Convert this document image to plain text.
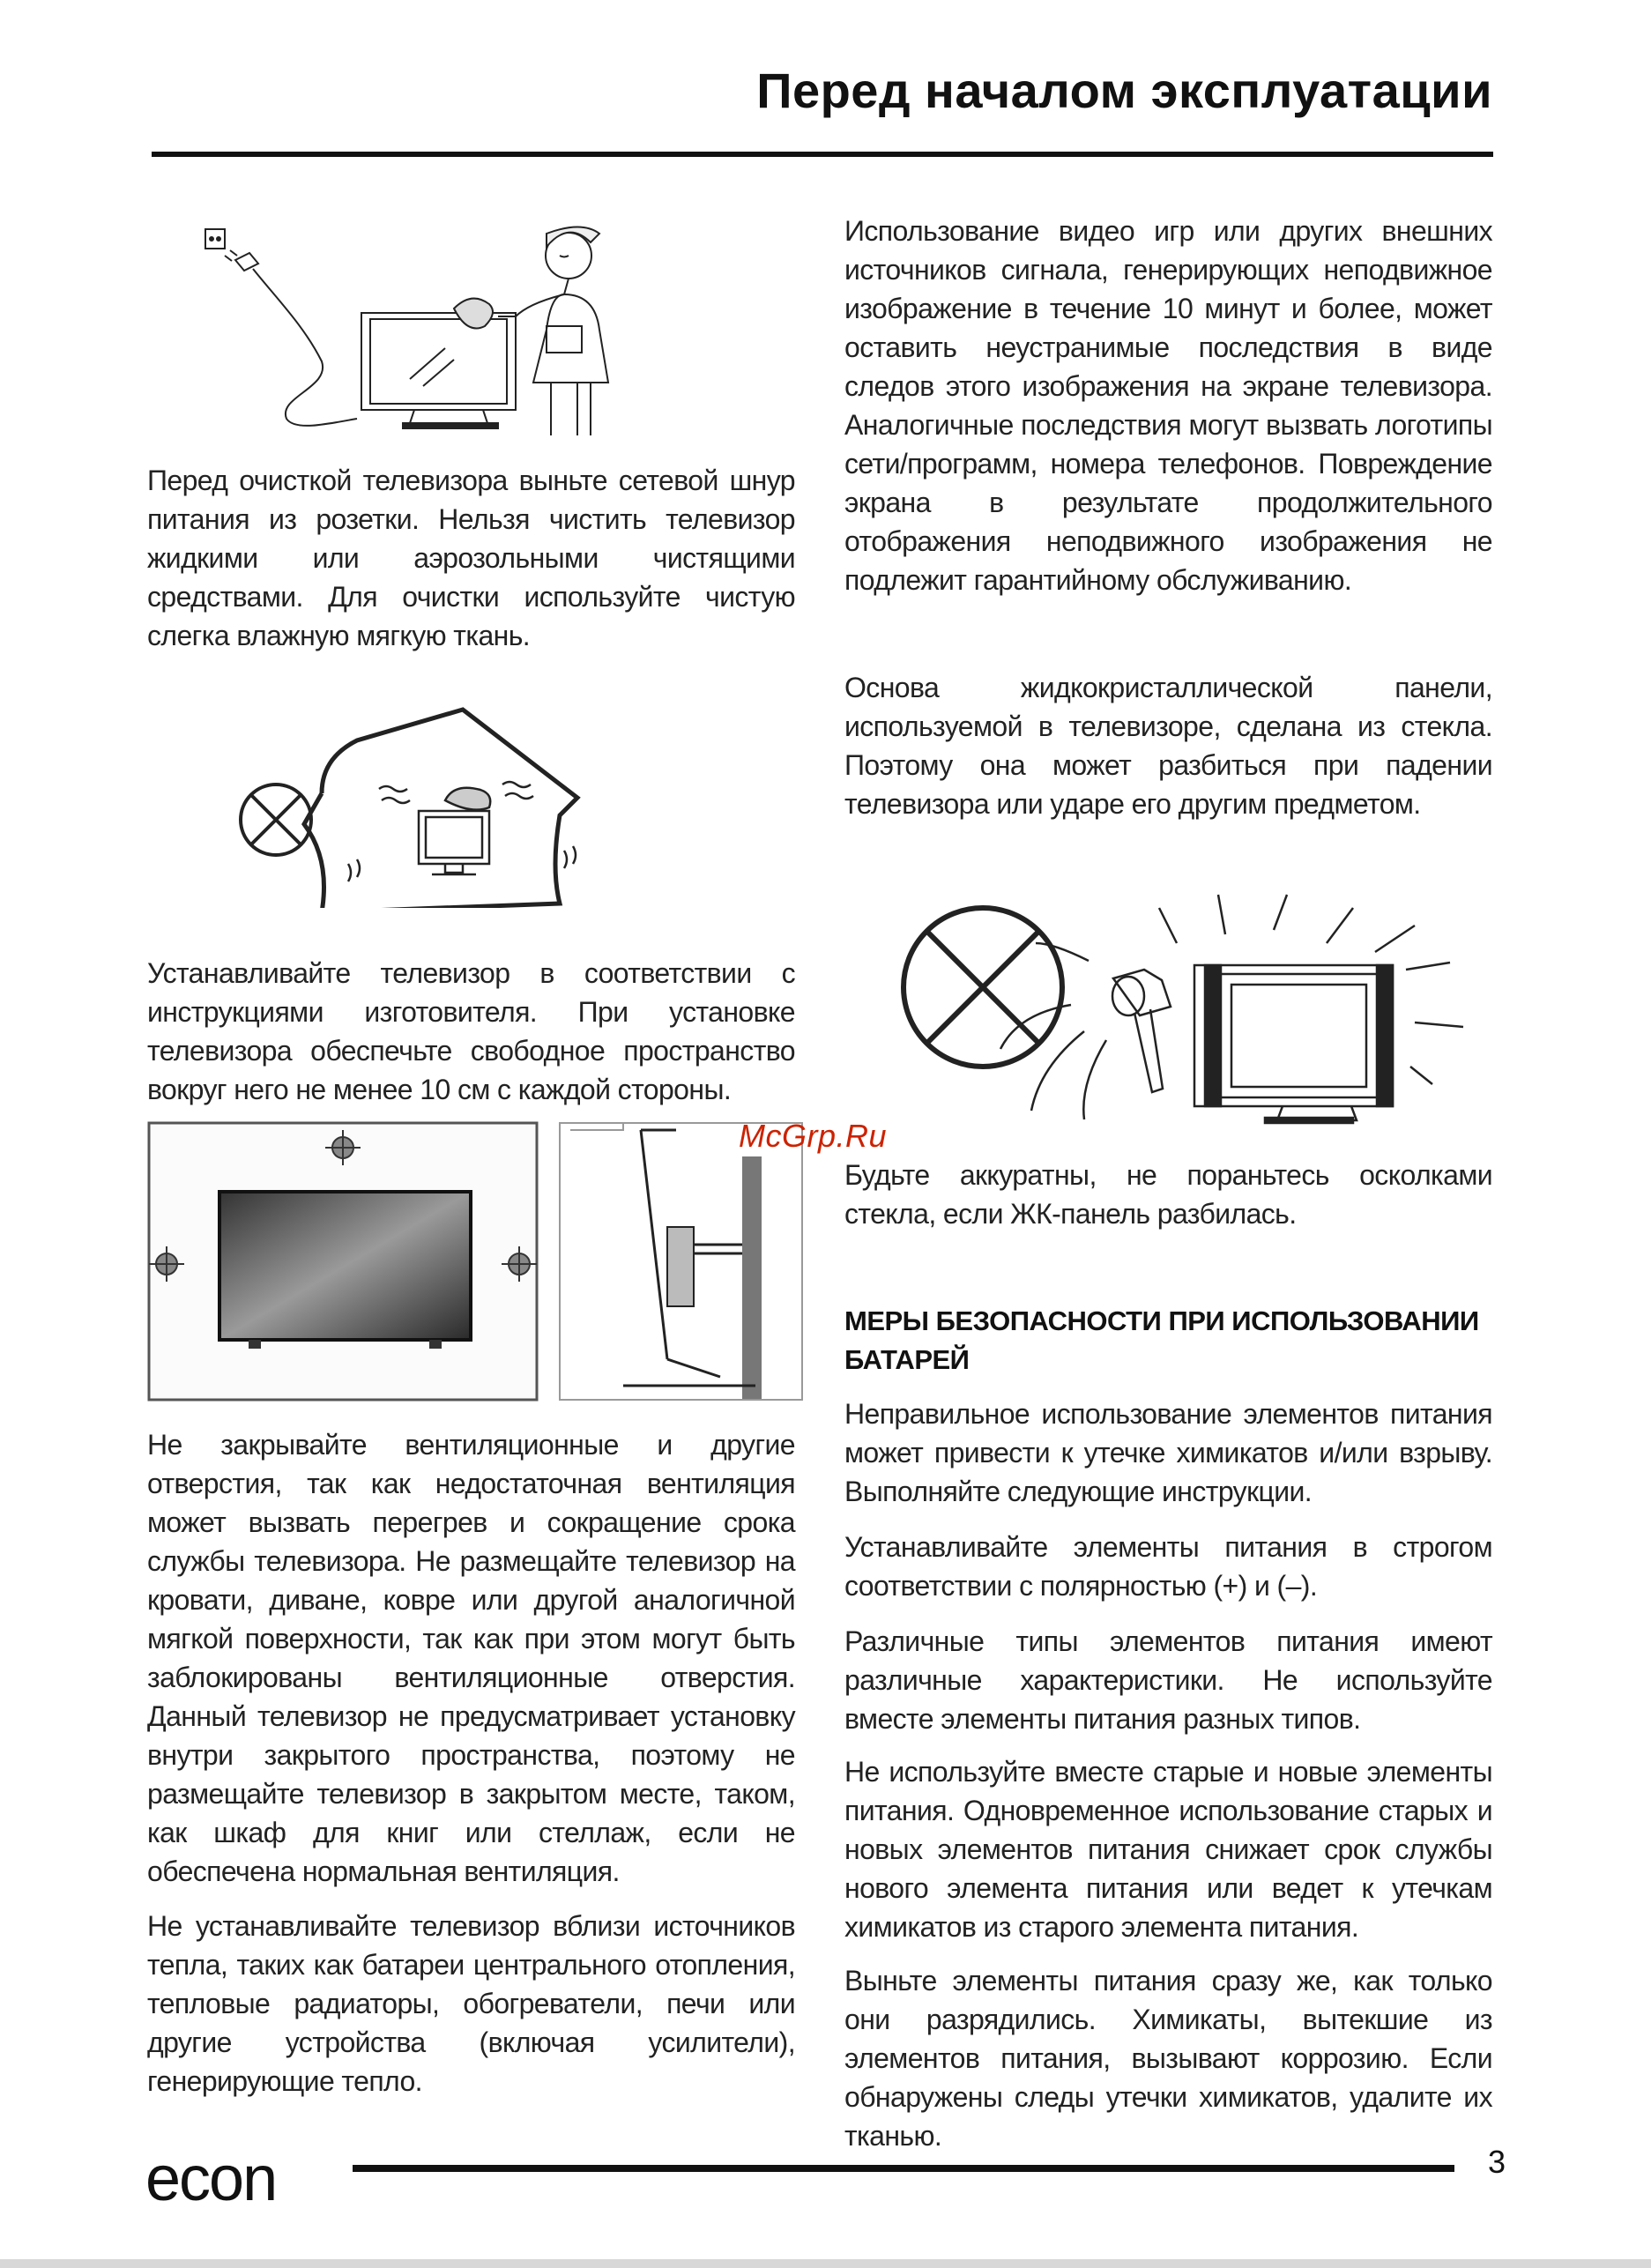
Перед началом эксплуатации

Перед очисткой телевизора выньте сетевой шнур питания из розетки. Нельзя чистить телевизор жидкими или аэрозольными чистящими средствами. Для очистки используйте чистую слегка влажную мягкую ткань.

Устанавливайте телевизор в соответствии с инструкциями изготовителя. При установке телевизора обеспечьте свободное пространство вокруг него не менее 10 см с каждой стороны.

Не закрывайте вентиляционные и другие отверстия, так как недостаточная вентиляция может вызвать перегрев и сокращение срока службы телевизора. Не размещайте телевизор на кровати, диване, ковре или другой аналогичной мягкой поверхности, так как при этом могут быть заблокированы вентиляционные отверстия. Данный телевизор не предусматривает установку внутри закрытого пространства, поэтому не размещайте телевизор в закрытом месте, таком, как шкаф для книг или стеллаж, если не обеспечена нормальная вентиляция.

Не устанавливайте телевизор вблизи источников тепла, таких как батареи центрального отопления, тепловые радиаторы, обогреватели, печи или другие устройства (включая усилители), генерирующие тепло.

Использование видео игр или других внешних источников сигнала, генерирующих неподвижное изображение в течение 10 минут и более, может оставить неустранимые последствия в виде следов этого изображения на экране телевизора. Аналогичные последствия могут вызвать логотипы сети/программ, номера телефонов. Повреждение экрана в результате продолжительного отображения неподвижного изображения не подлежит гарантийному обслуживанию.

Основа жидкокристаллической панели, используемой в телевизоре, сделана из стекла. Поэтому она может разбиться при падении телевизора или ударе его другим предметом.

McGrp.Ru

Будьте аккуратны, не пораньтесь осколками стекла, если ЖК-панель разбилась.

МЕРЫ БЕЗОПАСНОСТИ ПРИ ИСПОЛЬЗОВАНИИ БАТАРЕЙ

Неправильное использование элементов питания может привести к утечке химикатов и/или взрыву. Выполняйте следующие инструкции.

Устанавливайте элементы питания в строгом соответствии с полярностью (+) и (–).

Различные типы элементов питания имеют различные характеристики. Не используйте вместе элементы питания разных типов.

Не используйте вместе старые и новые элементы питания. Одновременное использование старых и новых элементов питания снижает срок службы нового элемента питания или ведет к утечкам химикатов из старого элемента питания.

Выньте элементы питания сразу же, как только они разрядились. Химикаты, вытекшие из элементов питания, вызывают коррозию. Если обнаружены следы утечки химикатов, удалите их тканью.

econ	3
